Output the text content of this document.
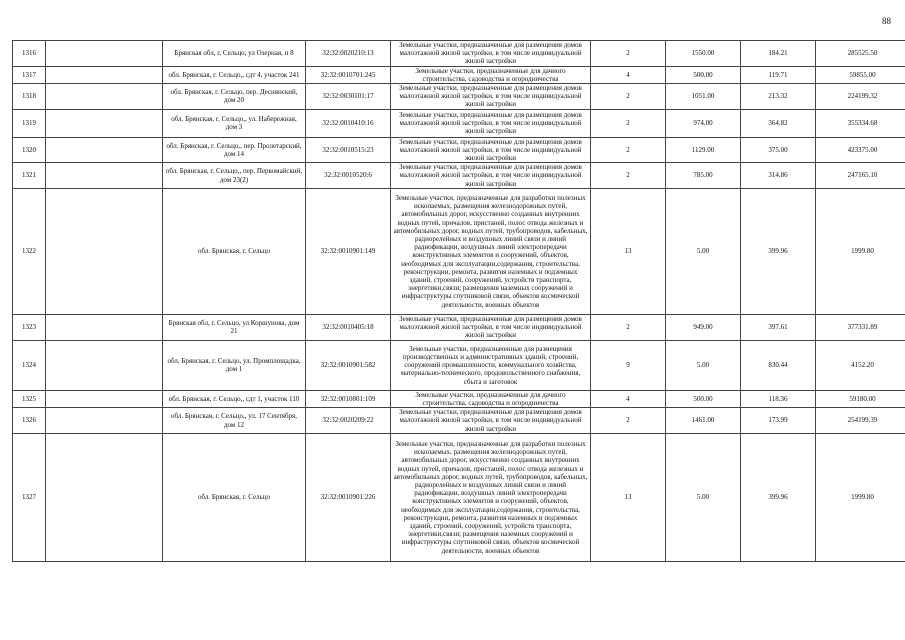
88
1316		Брянская обл, г. Сельцо, ул Озерная, п 8	32:32:0020210:13	Земельные участки, предназначенные для размещения домов малоэтажной жилой застройки, в том числе индивидуальной жилой застройки	2	1550.00	184.21	285525.50
1317		обл. Брянская, г. Сельцо,, сдт 4, участок 241	32:32:0010701:245	Земельные участки, предназначенные для дачного строительства, садоводства и огородничества	4	500.00	119.71	59855.00
1318		обл. Брянская, г. Сельцо, пер. Деснянский, дом 20	32:32:0030101:17	Земельные участки, предназначенные для размещения домов малоэтажной жилой застройки, в том числе индивидуальной жилой застройки	2	1051.00	213.32	224199.32
1319		обл. Брянская, г. Сельцо,, ул. Набережная, дом 3	32:32:0010410:16	Земельные участки, предназначенные для размещения домов малоэтажной жилой застройки, в том числе индивидуальной жилой застройки	2	974.00	364.82	355334.68
1320		обл. Брянская, г. Сельцо,, пер. Пролетарский, дом 14	32:32:0010515:23	Земельные участки, предназначенные для размещения домов малоэтажной жилой застройки, в том числе индивидуальной жилой застройки	2	1129.00	375.00	423375.00
1321		обл. Брянская, г. Сельцо,, пер. Первомайский, дом 23(2)	32:32:0010520:6	Земельные участки, предназначенные для размещения домов малоэтажной жилой застройки, в том числе индивидуальной жилой застройки	2	785.00	314.86	247165.10
1322		обл. Брянская, г. Сельцо	32:32:0010901:149	Земельные участки, предназначенные для разработки полезных ископаемых, размещения железнодорожных путей, автомобильных дорог, искусственно созданных внутренних водных путей, причалов, пристаней, полос отвода железных и автомобильных дорог, водных путей, трубопроводов, кабельных, радиорелейных и воздушных линий связи и линий радиофикации, воздушных линий электропередачи конструктивных элементов и сооружений, объектов, необходимых для эксплуатации,содержания, строительства, реконструкции, ремонта, развития наземных и подземных зданий, строений, сооружений, устройств транспорта, энергетики,связи; размещения наземных сооружений и инфраструктуры спутниковой связи, объектов космической деятельности, военных объектов	13	5.00	399.96	1999.80
1323		Брянская обл, г. Сельцо, ул Коршунова, дом 21	32:32:0010405:18	Земельные участки, предназначенные для размещения домов малоэтажной жилой застройки, в том числе индивидуальной жилой застройки	2	949.00	397.61	377331.89
1324		обл. Брянская, г. Сельцо, ул. Промплощадка, дом 1	32:32:0010901:582	Земельные участки, предназначенные для размещения производственных и административных зданий, строений, сооружений промышленности, коммунального хозяйства, материально-технического, продовольственного снабжения, сбыта и заготовок	9	5.00	830.44	4152.20
1325		обл. Брянская, г. Сельцо,, сдт 1, участок 110	32:32:0010801:109	Земельные участки, предназначенные для дачного строительства, садоводства и огородничества	4	500.00	118.36	59180.00
1326		обл. Брянская, г. Сельцо,, ул. 17 Сентября, дом 12	32:32:0020209:22	Земельные участки, предназначенные для размещения домов малоэтажной жилой застройки, в том числе индивидуальной жилой застройки	2	1461.00	173.99	254199.39
1327		обл. Брянская, г. Сельцо	32:32:0010901:226	Земельные участки, предназначенные для разработки полезных ископаемых, размещения железнодорожных путей, автомобильных дорог, искусственно созданных внутренних водных путей, причалов, пристаней, полос отвода железных и автомобильных дорог, водных путей, трубопроводов, кабельных, радиорелейных и воздушных линий связи и линий радиофикации, воздушных линий электропередачи конструктивных элементов и сооружений, объектов, необходимых для эксплуатации,содержания, строительства, реконструкции, ремонта, развития наземных и подземных зданий, строений, сооружений, устройств транспорта, энергетики,связи; размещения наземных сооружений и инфраструктуры спутниковой связи, объектов космической деятельности, военных объектов	13	5.00	399.96	1999.80
